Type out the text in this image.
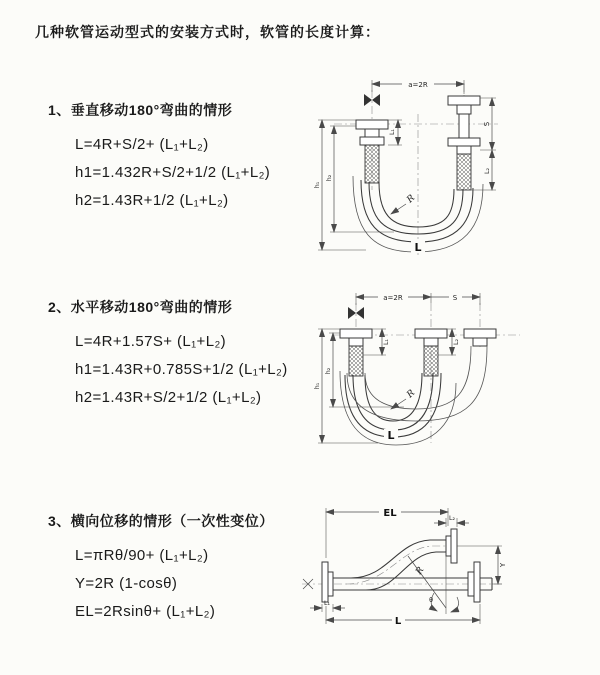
几种软管运动型式的安装方式时，软管的长度计算：
1、垂直移动180°弯曲的情形
L=4R+S/2+ (L₁+L₂)
h1=1.432R+S/2+1/2 (L₁+L₂)
h2=1.43R+1/2 (L₁+L₂)
a=2R
L₁
S
L₂
h₁
h₂
R
L
2、水平移动180°弯曲的情形
L=4R+1.57S+ (L₁+L₂)
h1=1.43R+0.785S+1/2 (L₁+L₂)
h2=1.43R+S/2+1/2 (L₁+L₂)
a=2R	S
h₁
h₂
L₁	L₂
R
L
3、横向位移的情形（一次性变位）
L=πRθ/90+ (L₁+L₂)
Y=2R (1-cosθ)
EL=2Rsinθ+ (L₁+L₂)
EL	L₂
Y
R
θ
L₁
L
